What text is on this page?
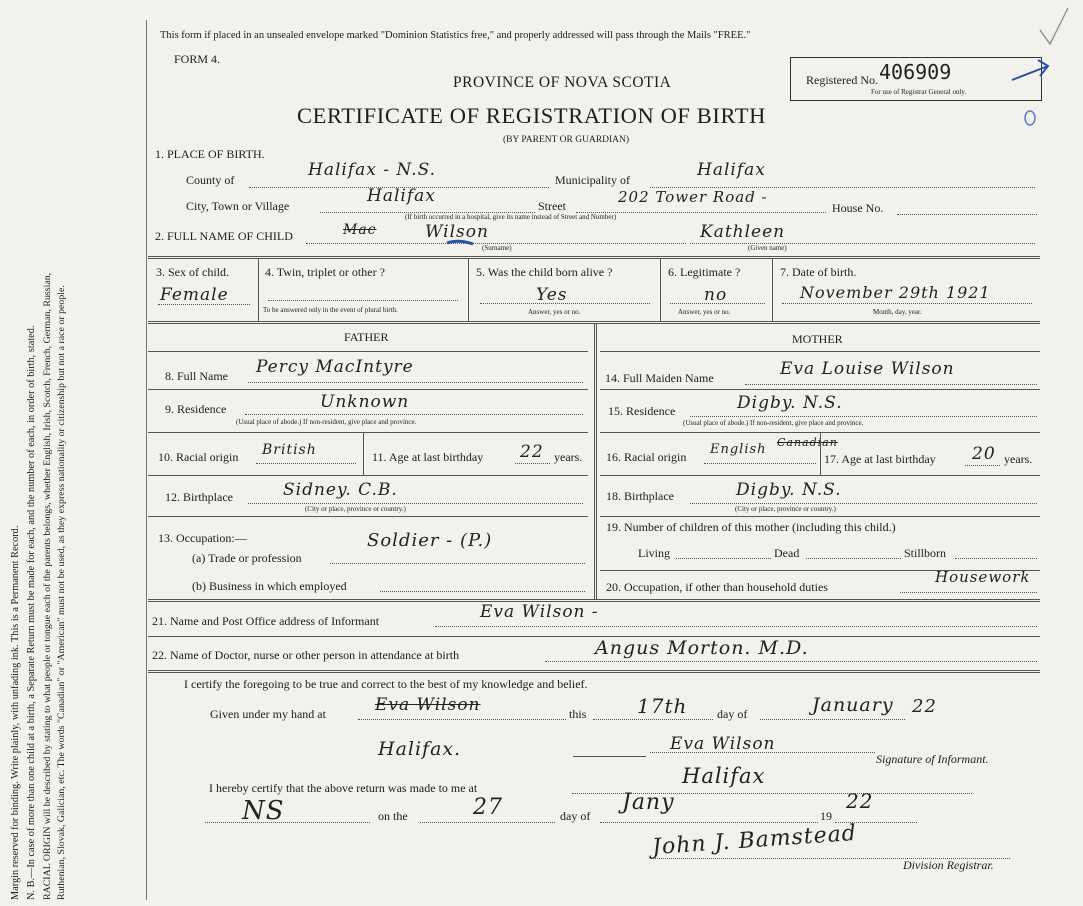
Margin reserved for binding. Write plainly, with unfading ink. This is a Permanent Record. N. B.—In case of more than one child at a birth, a Separate Return must be made for each, and the number of each, in order of birth, stated. RACIAL ORIGIN will be described by stating to what people or tongue each of the parents belongs, whether English, Irish, Scotch, French, German, Russian, Ruthenian, Slovak, Galician, etc. The words "Canadian" or "American" must not be used, as they express nationality or citizenship but not a race or people.
This form if placed in an unsealed envelope marked "Dominion Statistics free," and properly addressed will pass through the Mails "FREE."
FORM 4.
PROVINCE OF NOVA SCOTIA
CERTIFICATE OF REGISTRATION OF BIRTH
(BY PARENT OR GUARDIAN)
Registered No. 406909
For use of Registrar General only.
1. PLACE OF BIRTH.
County of	Halifax - N.S.	Municipality of	Halifax
City, Town or Village	Halifax	Street	202 Tower Road -
House No.
(If birth occurred in a hospital, give its name instead of Street and Number)
2. FULL NAME OF CHILD	Mac	Wilson
(Surname)
Kathleen
(Given name)
3. Sex of child.
Female
4. Twin, triplet or other ?
To be answered only in the event of plural birth.
5. Was the child born alive ?
Yes
Answer, yes or no.
6. Legitimate ?
no
Answer, yes or no.
7. Date of birth.
November 29th 1921
Month, day, year.
FATHER	MOTHER
8. Full Name Percy MacIntyre
9. Residence	Unknown
(Usual place of abode.) If non-resident, give place and province.
10. Racial origin British	11. Age at last birthday 22 years.
12. Birthplace	Sidney. C.B.
(City or place, province or country.)
13. Occupation:—
(a) Trade or profession
Soldier - (P.)
(b) Business in which employed
14. Full Maiden Name	Eva Louise Wilson
15. Residence	Digby. N.S.
(Usual place of abode.) If non-resident, give place and province.
16. Racial origin English Canadian
17. Age at last birthday 20 years.
18. Birthplace	Digby. N.S.
(City or place, province or country.)
19. Number of children of this mother (including this child.)
Living	Dead	Stillborn
20. Occupation, if other than household duties
Housework
21. Name and Post Office address of Informant	Eva Wilson -
22. Name of Doctor, nurse or other person in attendance at birth	Angus Morton. M.D.
I certify the foregoing to be true and correct to the best of my knowledge and belief.
Given under my hand at	Eva Wilson	this	17th day of	January 22
Halifax.	Eva Wilson
Signature of Informant.
I hereby certify that the above return was made to me at	Halifax
NS	on the	27	day of
Jany
19
22
John J. Bamstead
Division Registrar.
